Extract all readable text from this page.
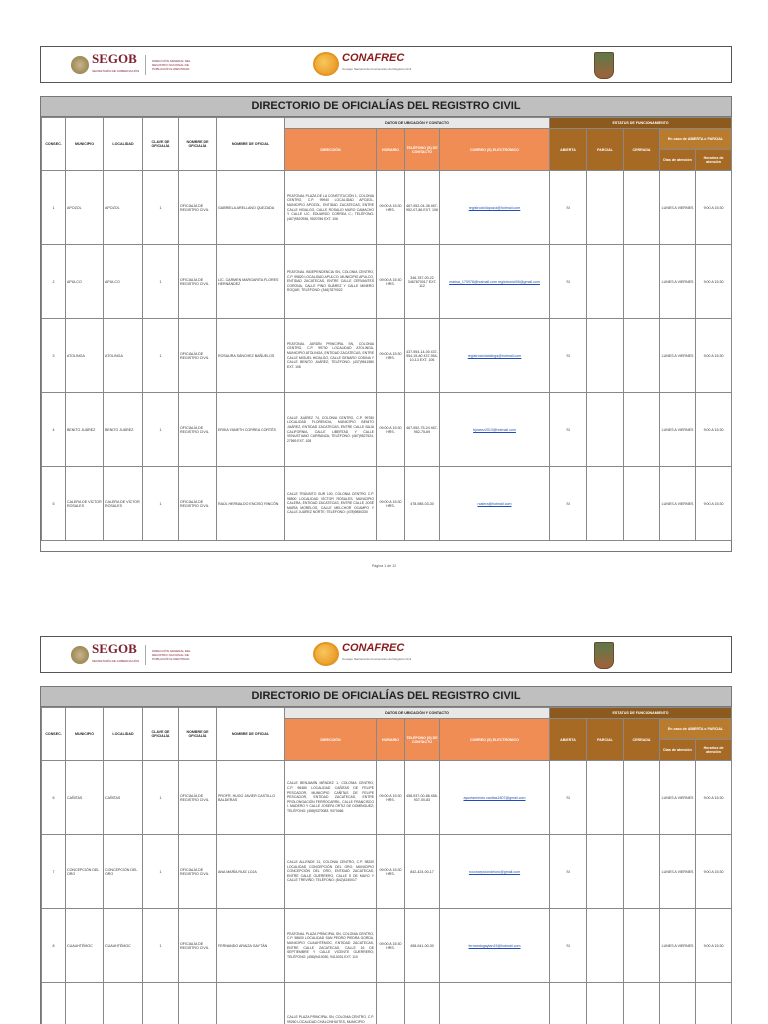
SEGOB
SECRETARÍA DE GOBERNACIÓN
DIRECCIÓN GENERAL DEL REGISTRO NACIONAL DE POBLACIÓN E IDENTIDAD
CONAFREC
Consejo Nacional de Funcionarios del Registro Civil
DIRECTORIO DE OFICIALÍAS DEL REGISTRO CIVIL
CONSEC.	MUNICIPIO	LOCALIDAD	CLAVE DE OFICIALÍA	NOMBRE DE OFICIALÍA	NOMBRE DE OFICIAL	DATOS DE UBICACIÓN Y CONTACTO				ESTATUS DE FUNCIONAMIENTO				
						DIRECCIÓN	HORARIO	TELÉFONO (S) DE CONTACTO	CORREO (S) ELECTRÓNICO	ABIERTA	PARCIAL	CERRADA	En caso de ABIERTA o PARCIAL	
													Días de atención	Horarios de atención
1	APOZOL	APOZOL	1	OFICIALÍA DE REGISTRO CIVIL	GABRIELA ARELLANO QUEZADA	PEATONAL PLAZA DE LA CONSTITUCIÓN 1, COLONIA CENTRO, C.P. 99940 LOCALIDAD APOZOL, MUNICIPIO APOZOL, ENTIDAD ZACATECAS, ENTRE CALLE HIDALGO, CALLE ROSALIO MURO CAMACHO Y CALLE LIC. EDUARDO CORREA C.; TELÉFONO: (467)9520936, 9520786 EXT. 106	09:00 A 15:30 HRS.	467-952-04-36 467-952-07-86 EXT. 106	registrocivilapozol@hotmail.com	SI			LUNES A VIERNES	9:00 A 15:30
2	APULCO	APULCO	1	OFICIALÍA DE REGISTRO CIVIL	LIC. CARMEN MARGARITA FLORES HERNÁNDEZ	PEATONAL INDEPENDENCIA SN, COLONIA CENTRO, C.P. 99820 LOCALIDAD APULCO, MUNICIPIO APULCO, ENTIDAD ZACATECAS, ENTRE CALLE CERVANTES CORONA, CALLE PINO SUÁREZ Y CALLE MINERO ROQUE; TELÉFONO: (346)7870022	09:00 A 15:30 HRS.	346-787-00-22 3467870017 EXT. 112	marisa_170978@hotmail.com registrocivil06@gmail.com	SI			LUNES A VIERNES	9:00 A 15:30
3	ATOLINGA	ATOLINGA	1	OFICIALÍA DE REGISTRO CIVIL	ROSAURA SÁNCHEZ BAÑUELOS	PEATONAL JARDÍN PRINCIPAL SN, COLONIA CENTRO, C.P. 99730 LOCALIDAD ATOLINGA, MUNICIPIO ATOLINGA, ENTIDAD ZACATECAS, ENTRE CALLE MIGUEL HIDALGO, CALLE GENARO CODINA Y CALLE BENITO JUÁREZ; TELÉFONO: (437)9541580 EXT. 106	09:00 A 15:30 HRS.	437-954-14-00 437-954-15-80 437-954-10-13 EXT. 106	registrocivilatolinga@hotmail.com	SI			LUNES A VIERNES	9:00 A 15:30
4	BENITO JUÁREZ	BENITO JUÁREZ	1	OFICIALÍA DE REGISTRO CIVIL	ERIKA YANETH CORREA CORTÉS	CALLE JUÁREZ 74, COLONIA CENTRO, C.P. 99780 LOCALIDAD FLORENCIA, MUNICIPIO BENITO JUÁREZ, ENTIDAD ZACATECAS, ENTRE CALLE BAJA CALIFORNIA, CALLE LIBERTAD Y CALLE VENUSTIANO CARRANZA; TELÉFONO: (467)9527524, 27569 EXT. 108	09:00 A 15:30 HRS.	467-952-75-24 467-952-75-69	bjuarez2013@hotmail.com	SI			LUNES A VIERNES	9:00 A 15:30
5	CALERA DE VÍCTOR ROSALES	CALERA DE VÍCTOR ROSALES	1	OFICIALÍA DE REGISTRO CIVIL	RAÚL HERNALDO ENCISO RINCÓN	CALLE TRÁNSITO SUR 100, COLONIA CENTRO C.P. 98500 LOCALIDAD VÍCTOR ROSALES, MUNICIPIO CALERA, ENTIDAD ZACATECAS, ENTRE CALLE JOSÉ MARÍA MORELOS, CALLE MELCHOR OCAMPO Y CALLE JUÁREZ NORTE; TELÉFONO: (478)9850330	09:00 A 15:30 HRS.	478-985-03-30	rcalera@hotmail.com	SI			LUNES A VIERNES	9:00 A 15:30
Página 1 de 12
SEGOB
SECRETARÍA DE GOBERNACIÓN
DIRECCIÓN GENERAL DEL REGISTRO NACIONAL DE POBLACIÓN E IDENTIDAD
CONAFREC
Consejo Nacional de Funcionarios del Registro Civil
DIRECTORIO DE OFICIALÍAS DEL REGISTRO CIVIL
CONSEC.	MUNICIPIO	LOCALIDAD	CLAVE DE OFICIALÍA	NOMBRE DE OFICIALÍA	NOMBRE DE OFICIAL	DATOS DE UBICACIÓN Y CONTACTO				ESTATUS DE FUNCIONAMIENTO				
						DIRECCIÓN	HORARIO	TELÉFONO (S) DE CONTACTO	CORREO (S) ELECTRÓNICO	ABIERTA	PARCIAL	CERRADA	En caso de ABIERTA o PARCIAL	
													Días de atención	Horarios de atención
6	CAÑITAS	CAÑITAS	1	OFICIALÍA DE REGISTRO CIVIL	PROFR. HUGO JAVIER CASTILLO BALDERAS	CALLE BENJAMÍN MÉNDEZ 1, COLONIA CENTRO, C.P. 98480 LOCALIDAD CAÑITAS DE FELIPE PESCADOR, MUNICIPIO CAÑITAS DE FELIPE PESCADOR, ENTIDAD ZACATECAS, ENTRE PROLONGACIÓN FERROCARRIL, CALLE FRANCISCO I. MADERO Y CALLE JOSEFA ORTIZ DE DOMÍNGUEZ; TELÉFONO: (458)9370083, 9370466	09:00 A 15:30 HRS.	458-937-00-86 458-937-00-83	ayuntamiento.canitas1807@gmail.com	SI			LUNES A VIERNES	9:00 A 15:30
7	CONCEPCIÓN DEL ORO	CONCEPCIÓN DEL ORO	1	OFICIALÍA DE REGISTRO CIVIL	ANA MARÍA RUIZ LOJA	CALLE ALLENDE 21, COLONIA CENTRO, C.P. 98200 LOCALIDAD CONCEPCIÓN DEL ORO, MUNICIPIO CONCEPCIÓN DEL ORO, ENTIDAD ZACATECAS, ENTRE CALLE GUERRERO, CALLE 5 DE MAYO Y CALLE TREVIÑO; TELÉFONO: (842)4240017	09:00 A 15:30 HRS.	842-424-00-17	rcconcepciondeloro@gmail.com	SI			LUNES A VIERNES	9:00 A 15:30
8	CUAUHTÉMOC	CUAUHTÉMOC	1	OFICIALÍA DE REGISTRO CIVIL	FERNANDO ARAIZA GAYTÁN	PEATONAL PLAZA PRINCIPAL SN, COLONIA CENTRO, C.P. 98600 LOCALIDAD SAN PEDRO PIEDRA GORDA, MUNICIPIO CUAUHTÉMOC, ENTIDAD ZACATECAS, ENTRE CALLE ZACATECAS, CALLE 16 DE SEPTIEMBRE Y CALLE VICENTE GUERRERO; TELÉFONO: (458)9410030, 9410031 EXT. 110	09:00 A 15:30 HRS.	458-941-00-30	fernandogaytan15@hotmail.com	SI			LUNES A VIERNES	9:00 A 15:30
						CALLE PLAZA PRINCIPAL SN, COLONIA CENTRO, C.P. 99260 LOCALIDAD CHALCHIHUITES, MUNICIPIO								
